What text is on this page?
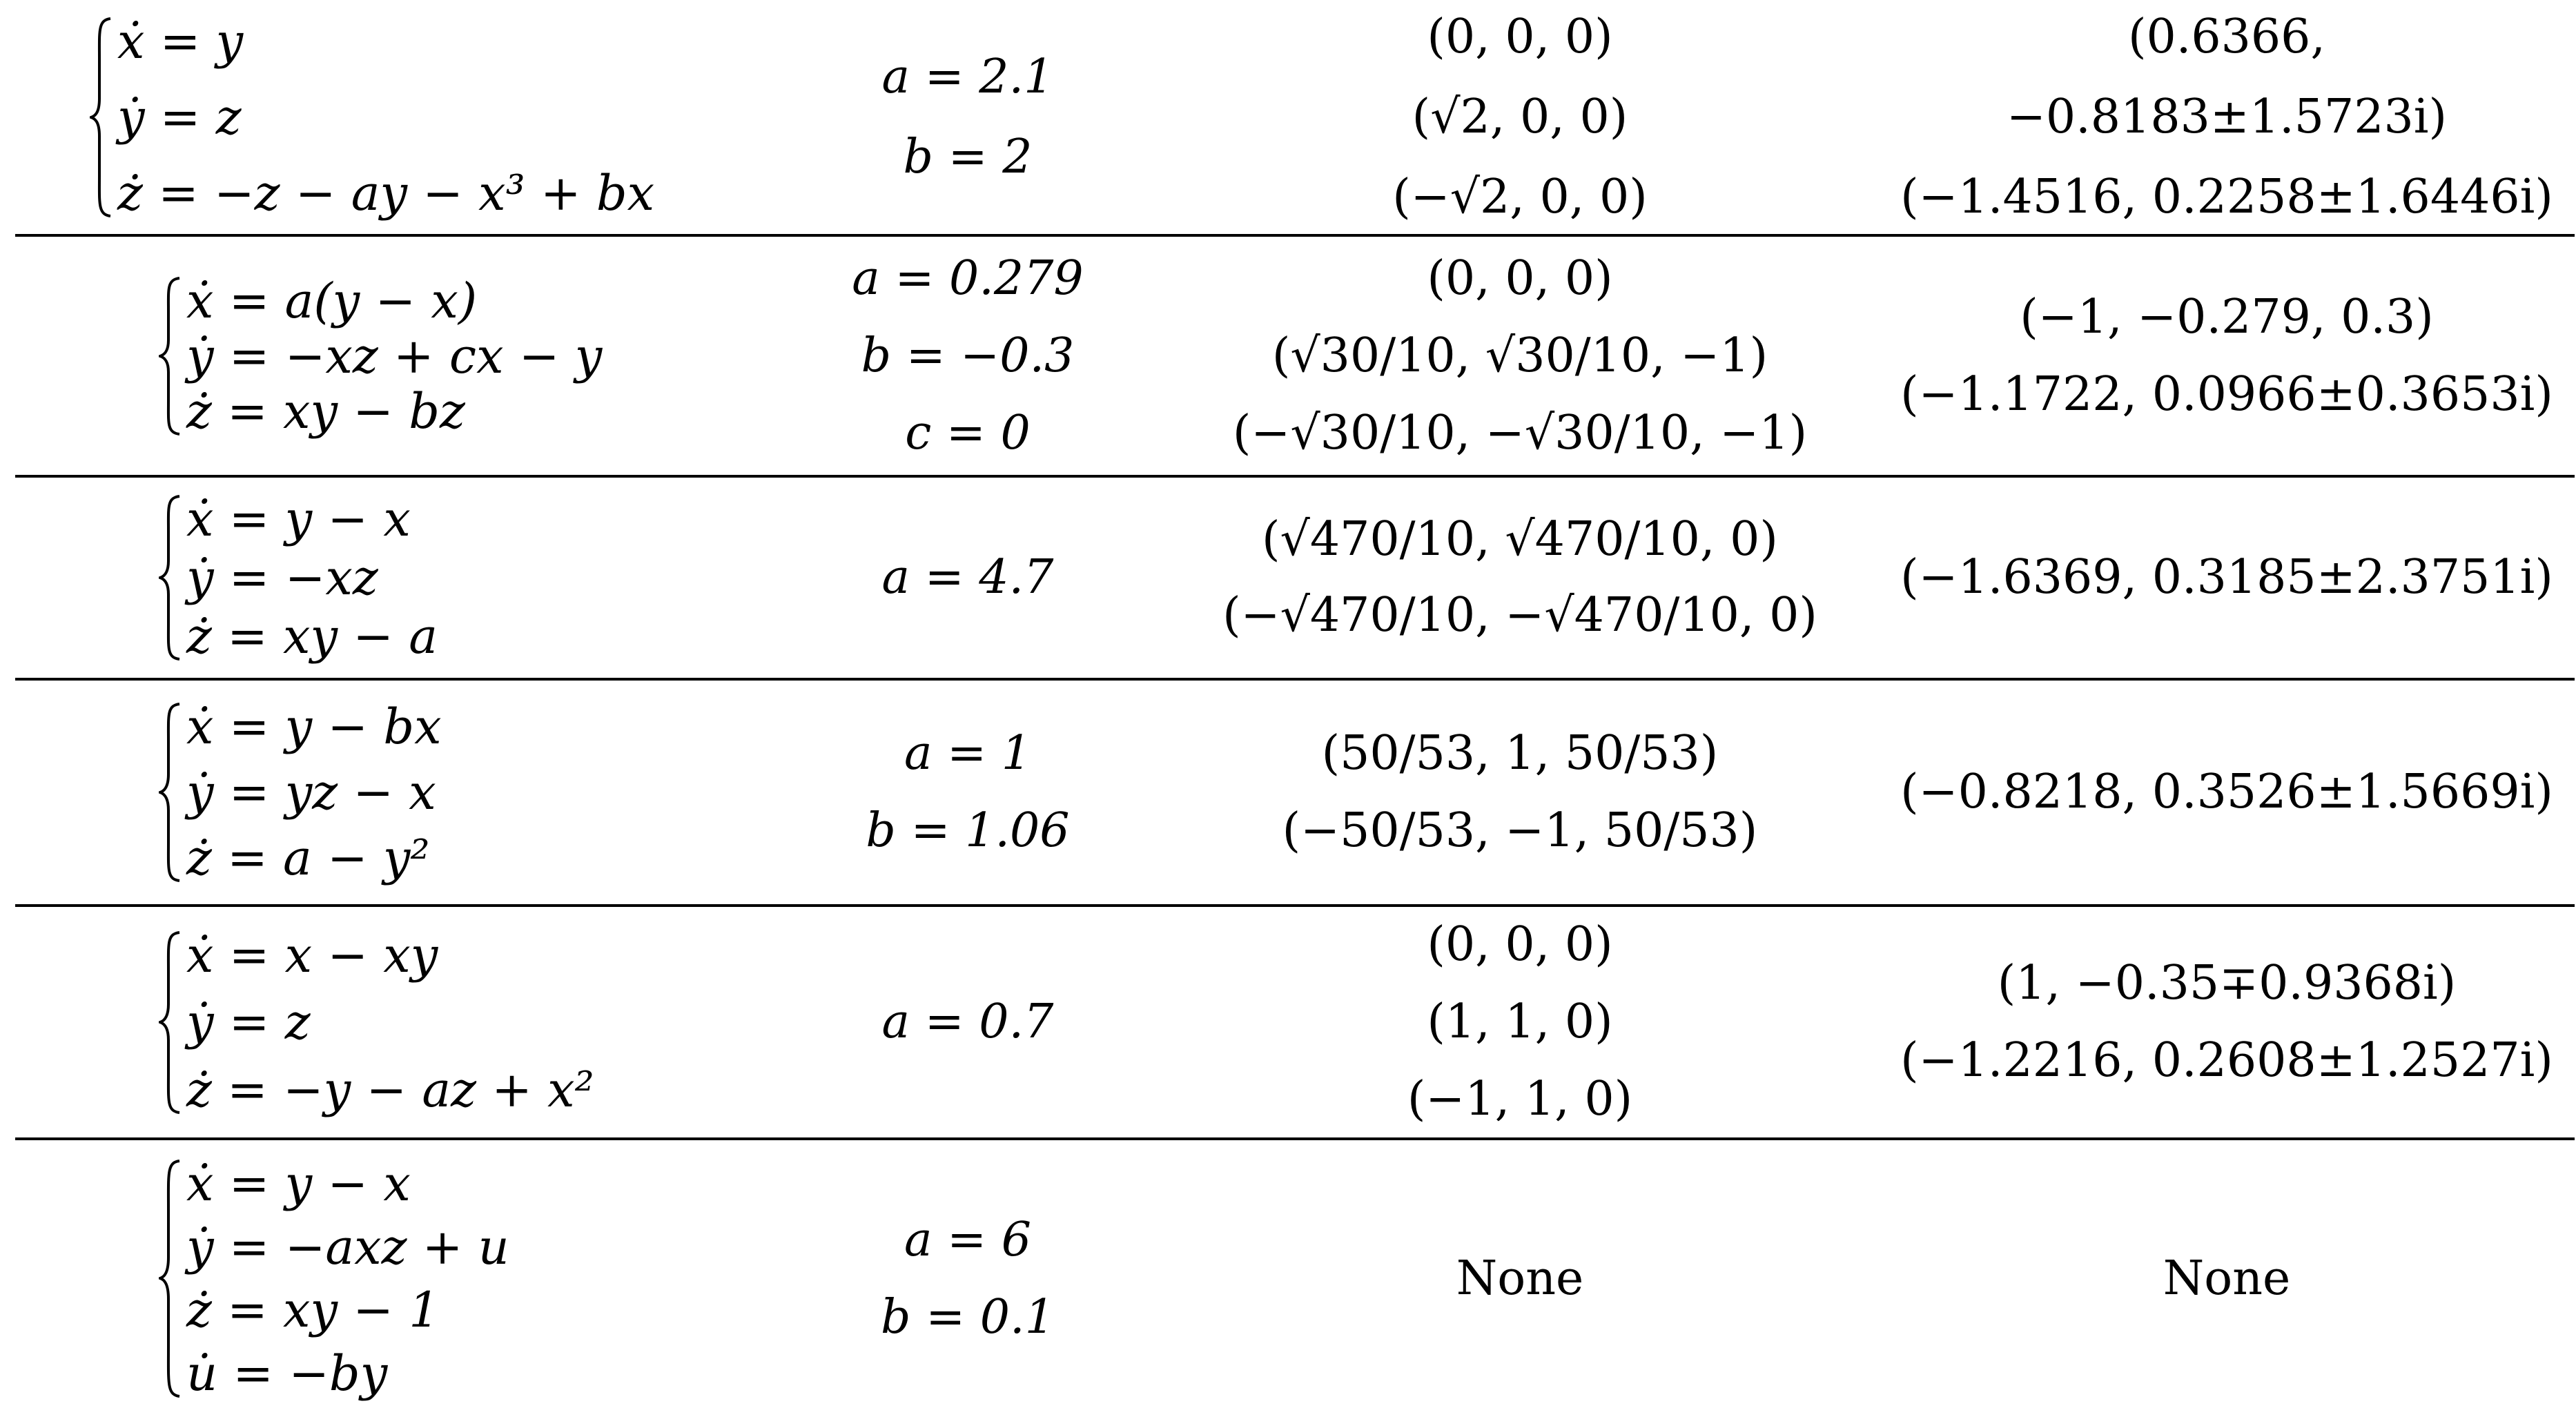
ẋ = y
ẏ = z
ż = −z − ay − x³ + bx
a = 2.1
b = 2
(0, 0, 0)
(√2, 0, 0)
(−√2, 0, 0)
(0.6366,
−0.8183±1.5723i)
(−1.4516, 0.2258±1.6446i)
ẋ = a(y − x)
ẏ = −xz + cx − y
ż = xy − bz
a = 0.279
b = −0.3
c = 0
(0, 0, 0)
(√30/10, √30/10, −1)
(−√30/10, −√30/10, −1)
(−1, −0.279, 0.3)
(−1.1722, 0.0966±0.3653i)
ẋ = y − x
ẏ = −xz
ż = xy − a
a = 4.7
(√470/10, √470/10, 0)
(−√470/10, −√470/10, 0)
(−1.6369, 0.3185±2.3751i)
ẋ = y − bx
ẏ = yz − x
ż = a − y²
a = 1
b = 1.06
(50/53, 1, 50/53)
(−50/53, −1, 50/53)
(−0.8218, 0.3526±1.5669i)
ẋ = x − xy
ẏ = z
ż = −y − az + x²
a = 0.7
(0, 0, 0)
(1, 1, 0)
(−1, 1, 0)
(1, −0.35∓0.9368i)
(−1.2216, 0.2608±1.2527i)
ẋ = y − x
ẏ = −axz + u
ż = xy − 1
u̇ = −by
a = 6
b = 0.1
None	None
